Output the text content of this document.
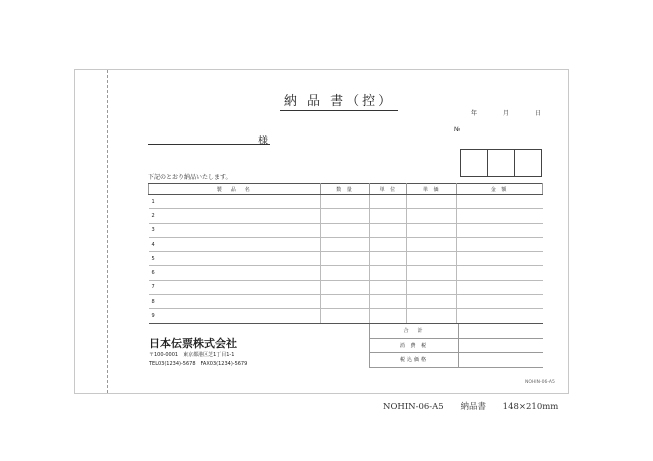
納 品 書（控）
年	月	日
№
様
下記のとおり納品いたします。
製　品　名	数 量	単 位	単 価	金 額
1				
2				
3				
4				
5				
6				
7				
8				
9				
合　計	
消 費 税	
税込価格	
日本伝票株式会社
〒100-0001　東京都港区芝1丁目1-1
TEL03(1234)-5678　FAX03(1234)-5679
NOHIN-06-A5
NOHIN-06-A5 納品書 148×210mm
